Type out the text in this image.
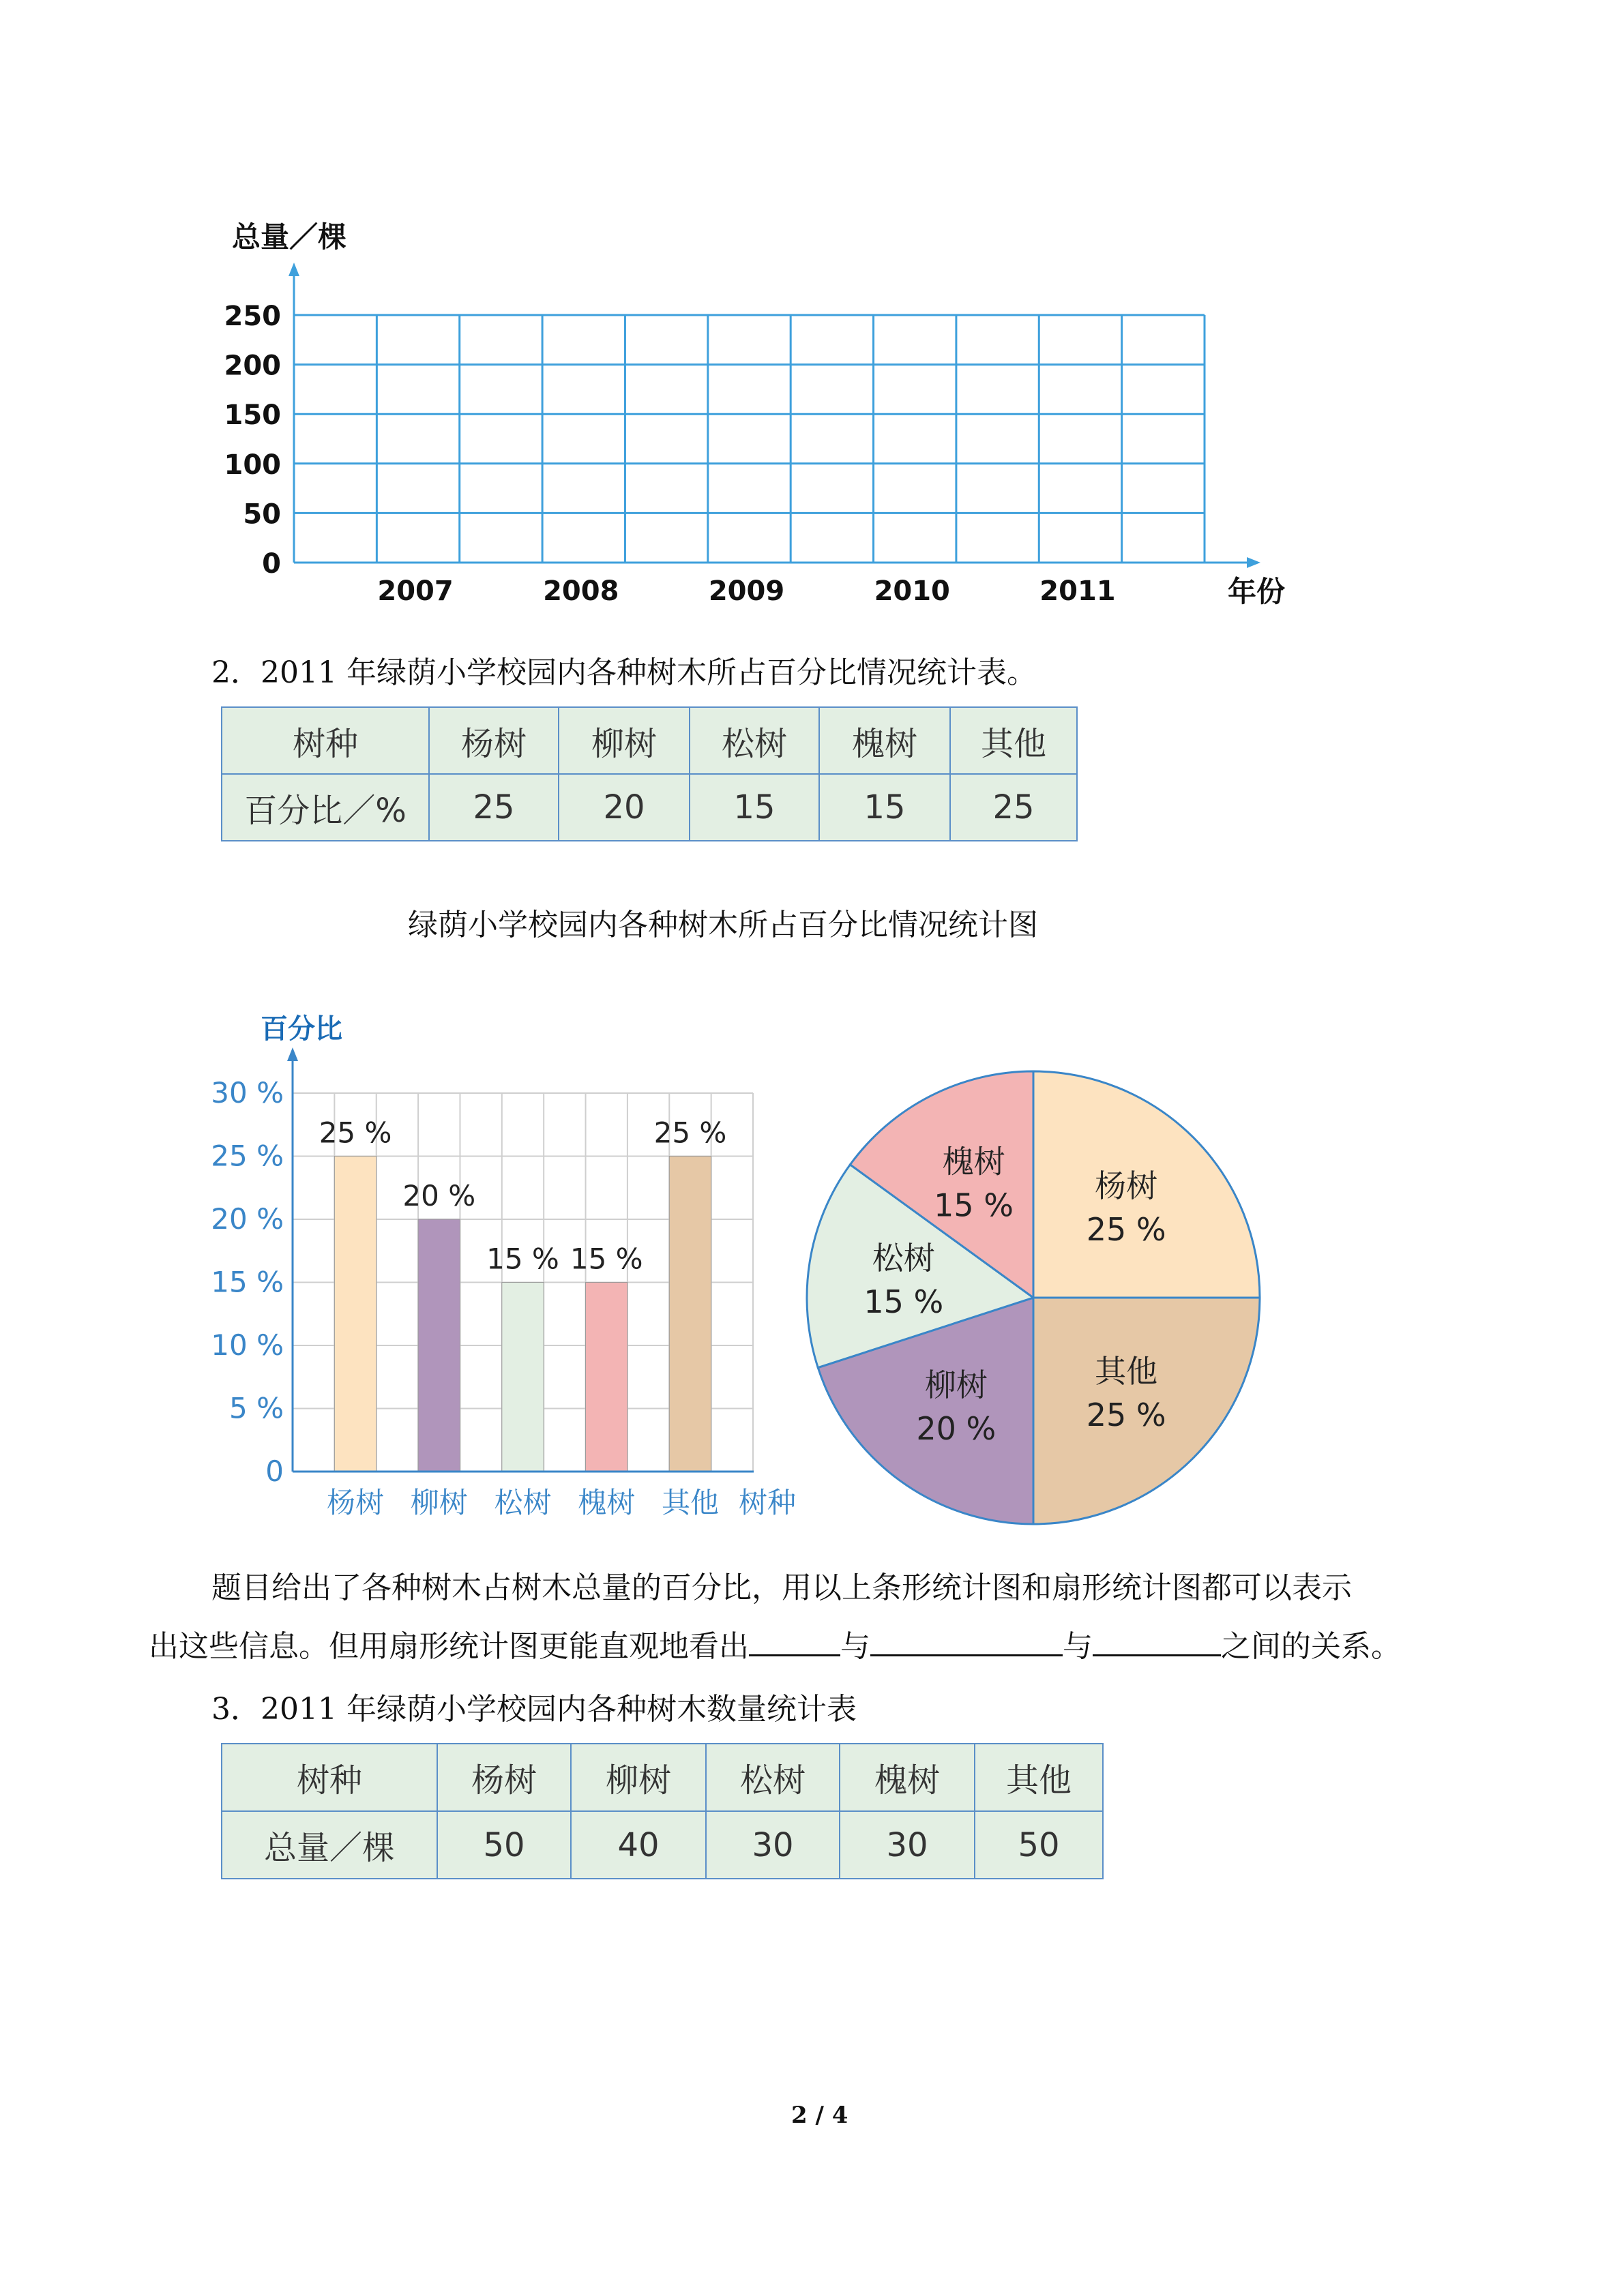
总量／棵
年份
250
200
150
100
50
0
2007	2008	2009	2010	2011
2．2011 年绿荫小学校园内各种树木所占百分比情况统计表。
树种	杨树	柳树	松树	槐树	其他
百分比／%	25	20	15	15	25
绿荫小学校园内各种树木所占百分比情况统计图
百分比
0
5 %
10 %
15 %
20 %
25 %
30 %
25 %
20 %
15 % 15 %
25 %
杨树 柳树 松树 槐树 其他 树种
杨树
25 %
其他
25 %
柳树
20 %
松树
15 %
槐树
15 %
题目给出了各种树木占树木总量的百分比，用以上条形统计图和扇形统计图都可以表示
出这些信息。但用扇形统计图更能直观地看出	与	与	之间的关系。
3．2011 年绿荫小学校园内各种树木数量统计表
树种	杨树	柳树	松树	槐树	其他
总量／棵	50	40	30	30	50
2 / 4
